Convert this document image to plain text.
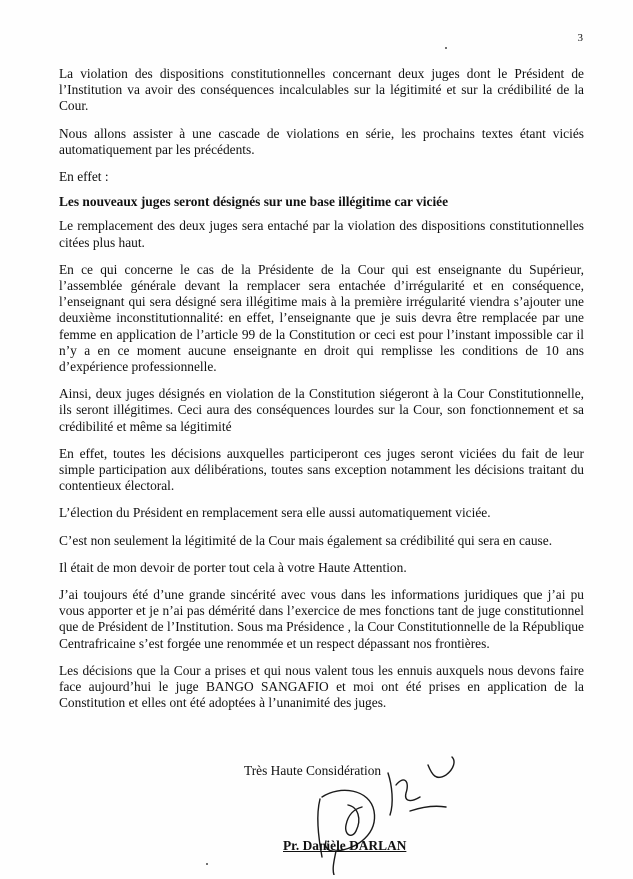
3

La violation des dispositions constitutionnelles concernant deux juges dont le Président de l’Institution va avoir des conséquences incalculables sur la légitimité et sur la crédibilité de la Cour.

Nous allons assister à une cascade de violations en série, les prochains textes étant viciés automatiquement par les précédents.

En effet :

Les nouveaux juges seront désignés sur une base illégitime car viciée

Le remplacement des deux juges sera entaché par la violation des dispositions constitutionnelles citées plus haut.

En ce qui concerne le cas de la Présidente de la Cour qui est enseignante du Supérieur, l’assemblée générale devant la remplacer sera entachée d’irrégularité et en conséquence, l’enseignant qui sera désigné sera illégitime mais à la première irrégularité viendra s’ajouter une deuxième inconstitutionnalité: en effet, l’enseignante que je suis devra être remplacée par une femme en application de l’article 99 de la Constitution or ceci est pour l’instant impossible car il n’y a en ce moment aucune enseignante en droit qui remplisse les conditions de 10 ans d’expérience professionnelle.

Ainsi, deux juges désignés en violation de la Constitution siégeront à la Cour Constitutionnelle, ils seront illégitimes. Ceci aura des conséquences lourdes sur la Cour, son fonctionnement et sa crédibilité et même sa légitimité

En effet, toutes les décisions auxquelles participeront ces juges seront viciées du fait de leur simple participation aux délibérations, toutes sans exception notamment les décisions traitant du contentieux électoral.

L’élection du Président en remplacement sera elle aussi automatiquement viciée.

C’est non seulement la légitimité de la Cour mais également sa crédibilité qui sera en cause.

Il était de mon devoir de porter tout cela à votre Haute Attention.

J’ai toujours été d’une grande sincérité avec vous dans les informations juridiques que j’ai pu vous apporter et je n’ai pas démérité dans l’exercice de mes fonctions tant de juge constitutionnel que de Président de l’Institution. Sous ma Présidence , la Cour Constitutionnelle de la République Centrafricaine s’est forgée une renommée et un respect dépassant nos frontières.

Les décisions que la Cour a prises et qui nous valent tous les ennuis auxquels nous devons faire face aujourd’hui le juge BANGO SANGAFIO et moi ont été prises en application de la Constitution et elles ont été adoptées à l’unanimité des juges.

Très Haute Considération
Pr. Danièle DARLAN
